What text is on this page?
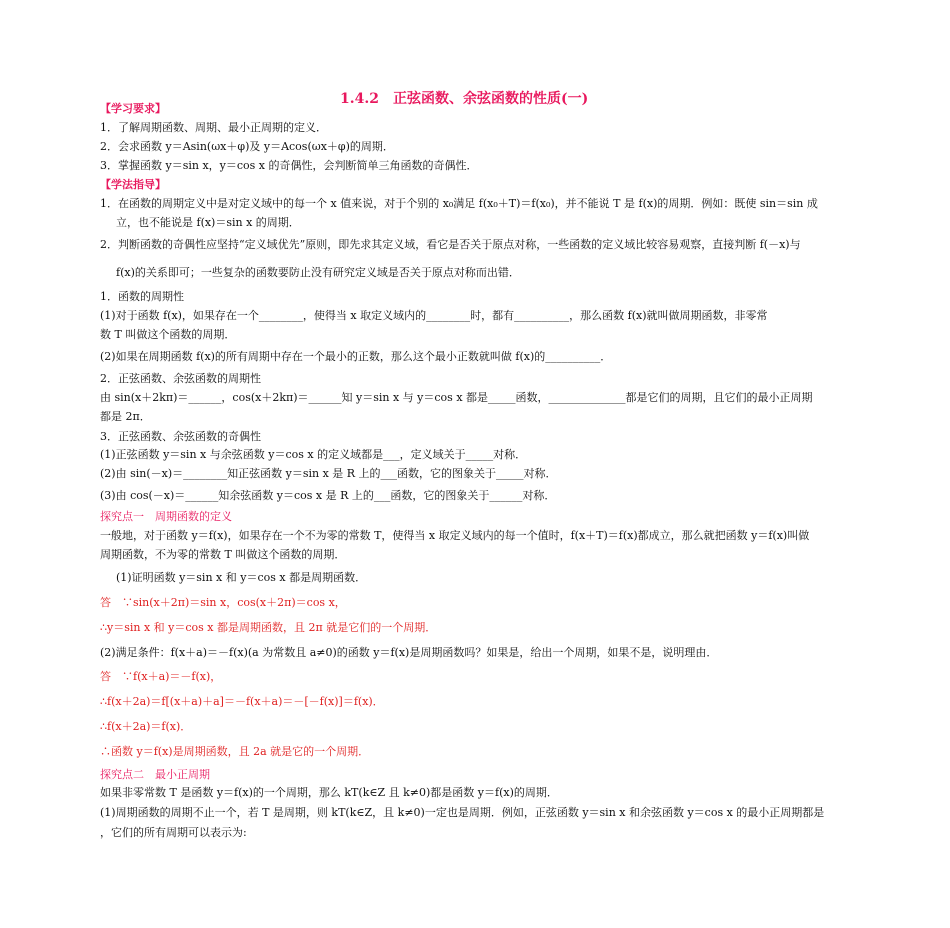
1.4.2　正弦函数、余弦函数的性质(一)
【学习要求】
1．了解周期函数、周期、最小正周期的定义．
2．会求函数 y＝Asin(ωx＋φ)及 y＝Acos(ωx＋φ)的周期．
3．掌握函数 y＝sin x，y＝cos x 的奇偶性，会判断简单三角函数的奇偶性．
【学法指导】
1．在函数的周期定义中是对定义域中的每一个 x 值来说，对于个别的 x₀满足 f(x₀＋T)＝f(x₀)，并不能说 T 是 f(x)的周期．例如：既使 sin＝sin 成
立，也不能说是 f(x)＝sin x 的周期．
2．判断函数的奇偶性应坚持“定义域优先”原则，即先求其定义域，看它是否关于原点对称，一些函数的定义域比较容易观察，直接判断 f(－x)与
f(x)的关系即可；一些复杂的函数要防止没有研究定义域是否关于原点对称而出错．
1．函数的周期性
(1)对于函数 f(x)，如果存在一个________，使得当 x 取定义域内的________时，都有__________，那么函数 f(x)就叫做周期函数，非零常
数 T 叫做这个函数的周期．
(2)如果在周期函数 f(x)的所有周期中存在一个最小的正数，那么这个最小正数就叫做 f(x)的__________．
2．正弦函数、余弦函数的周期性
由 sin(x＋2kπ)＝______，cos(x＋2kπ)＝______知 y＝sin x 与 y＝cos x 都是_____函数，______________都是它们的周期，且它们的最小正周期
都是 2π．
3．正弦函数、余弦函数的奇偶性
(1)正弦函数 y＝sin x 与余弦函数 y＝cos x 的定义域都是___，定义域关于_____对称．
(2)由 sin(－x)＝________知正弦函数 y＝sin x 是 R 上的___函数，它的图象关于_____对称．
(3)由 cos(－x)＝______知余弦函数 y＝cos x 是 R 上的___函数，它的图象关于______对称．
探究点一　周期函数的定义
一般地，对于函数 y＝f(x)，如果存在一个不为零的常数 T，使得当 x 取定义域内的每一个值时，f(x＋T)＝f(x)都成立，那么就把函数 y＝f(x)叫做
周期函数，不为零的常数 T 叫做这个函数的周期．
(1)证明函数 y＝sin x 和 y＝cos x 都是周期函数．
答　∵sin(x＋2π)＝sin x，cos(x＋2π)＝cos x，
∴y＝sin x 和 y＝cos x 都是周期函数，且 2π 就是它们的一个周期．
(2)满足条件：f(x＋a)＝－f(x)(a 为常数且 a≠0)的函数 y＝f(x)是周期函数吗？如果是，给出一个周期，如果不是，说明理由．
答　∵f(x＋a)＝－f(x)，
∴f(x＋2a)＝f[(x＋a)＋a]＝－f(x＋a)＝－[－f(x)]＝f(x)．
∴f(x＋2a)＝f(x)．
∴函数 y＝f(x)是周期函数，且 2a 就是它的一个周期．
探究点二　最小正周期
如果非零常数 T 是函数 y＝f(x)的一个周期，那么 kT(k∈Z 且 k≠0)都是函数 y＝f(x)的周期．
(1)周期函数的周期不止一个，若 T 是周期，则 kT(k∈Z，且 k≠0)一定也是周期．例如，正弦函数 y＝sin x 和余弦函数 y＝cos x 的最小正周期都是
，它们的所有周期可以表示为:
